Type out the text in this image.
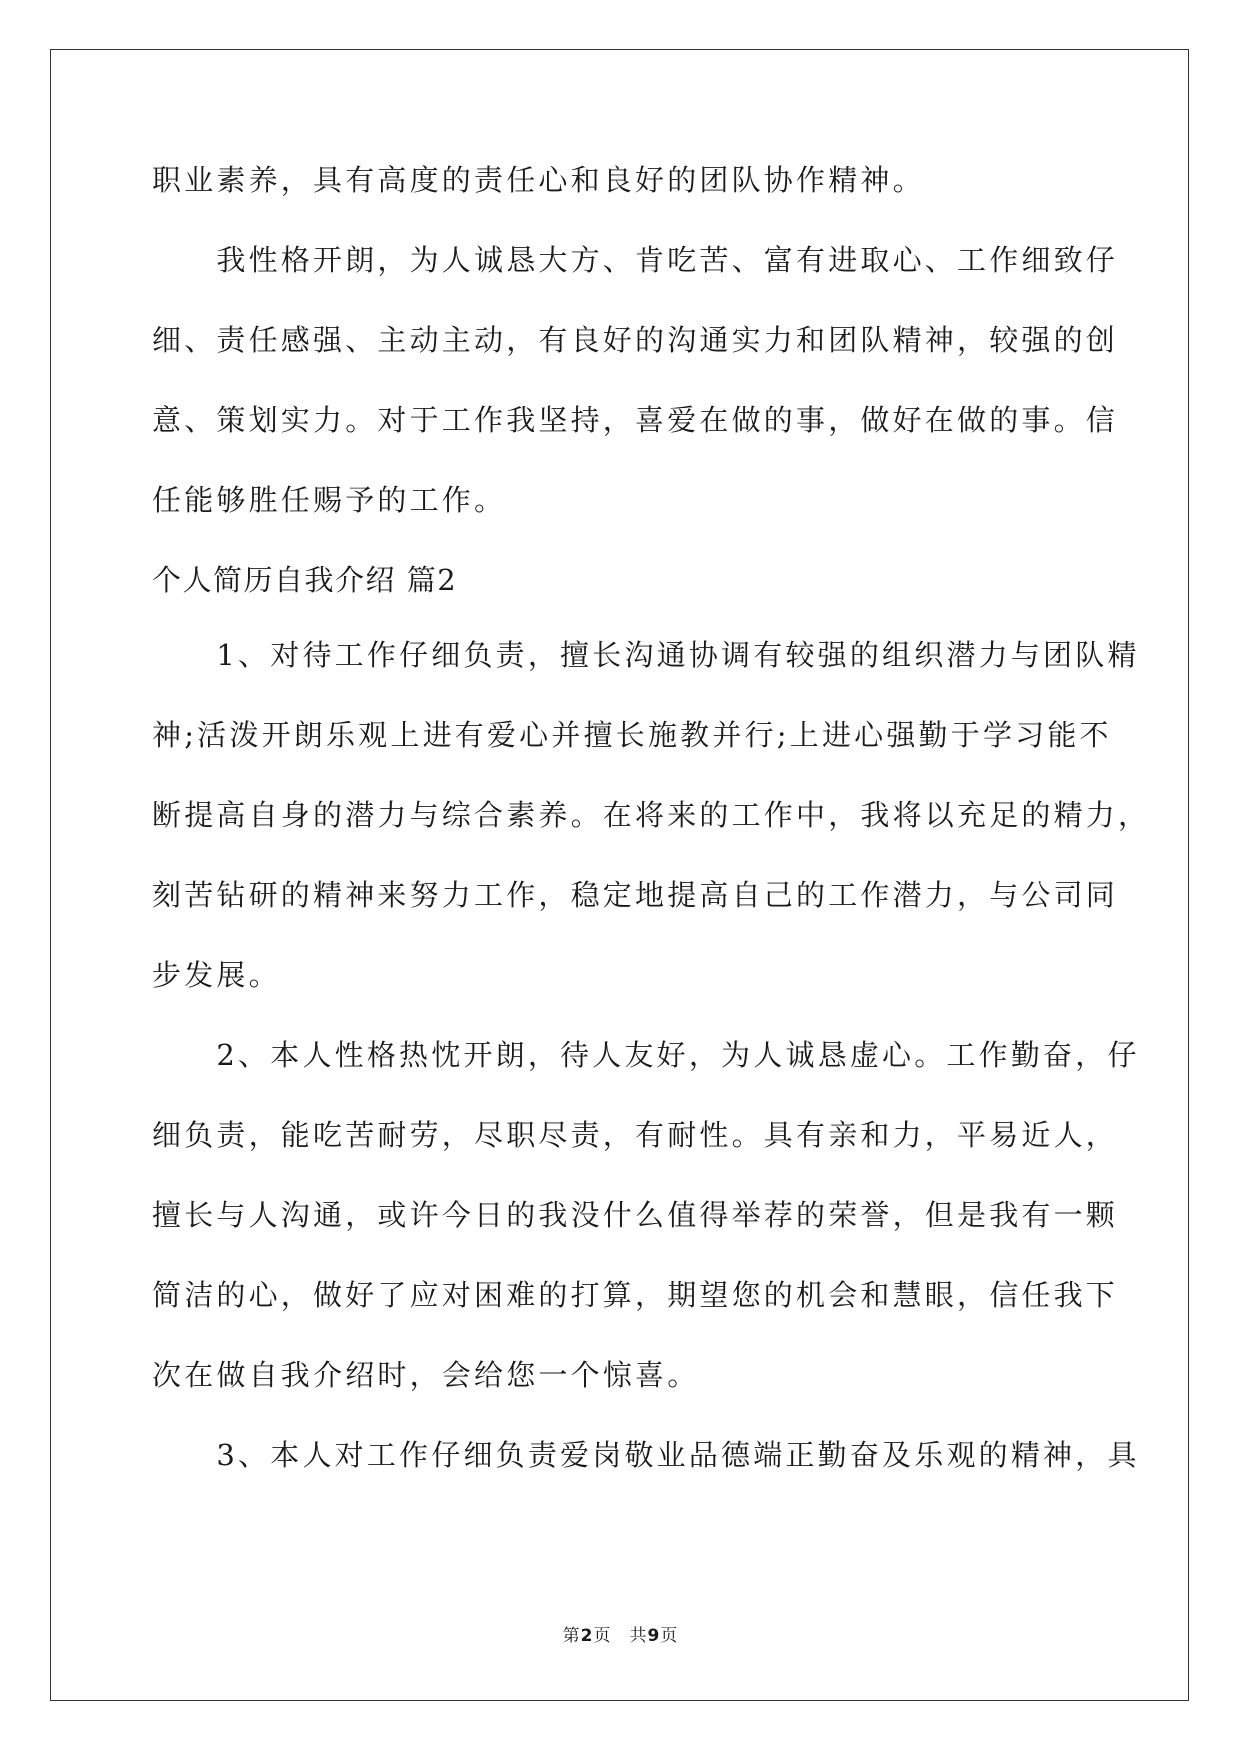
职业素养，具有高度的责任心和良好的团队协作精神。
　　我性格开朗，为人诚恳大方、肯吃苦、富有进取心、工作细致仔
细、责任感强、主动主动，有良好的沟通实力和团队精神，较强的创
意、策划实力。对于工作我坚持，喜爱在做的事，做好在做的事。信
任能够胜任赐予的工作。
个人简历自我介绍 篇2
　　1、对待工作仔细负责，擅长沟通协调有较强的组织潜力与团队精
神;活泼开朗乐观上进有爱心并擅长施教并行;上进心强勤于学习能不
断提高自身的潜力与综合素养。在将来的工作中，我将以充足的精力，
刻苦钻研的精神来努力工作，稳定地提高自己的工作潜力，与公司同
步发展。
　　2、本人性格热忱开朗，待人友好，为人诚恳虚心。工作勤奋，仔
细负责，能吃苦耐劳，尽职尽责，有耐性。具有亲和力，平易近人，
擅长与人沟通，或许今日的我没什么值得举荐的荣誉，但是我有一颗
简洁的心，做好了应对困难的打算，期望您的机会和慧眼，信任我下
次在做自我介绍时，会给您一个惊喜。
　　3、本人对工作仔细负责爱岗敬业品德端正勤奋及乐观的精神，具
第2页 共9页
